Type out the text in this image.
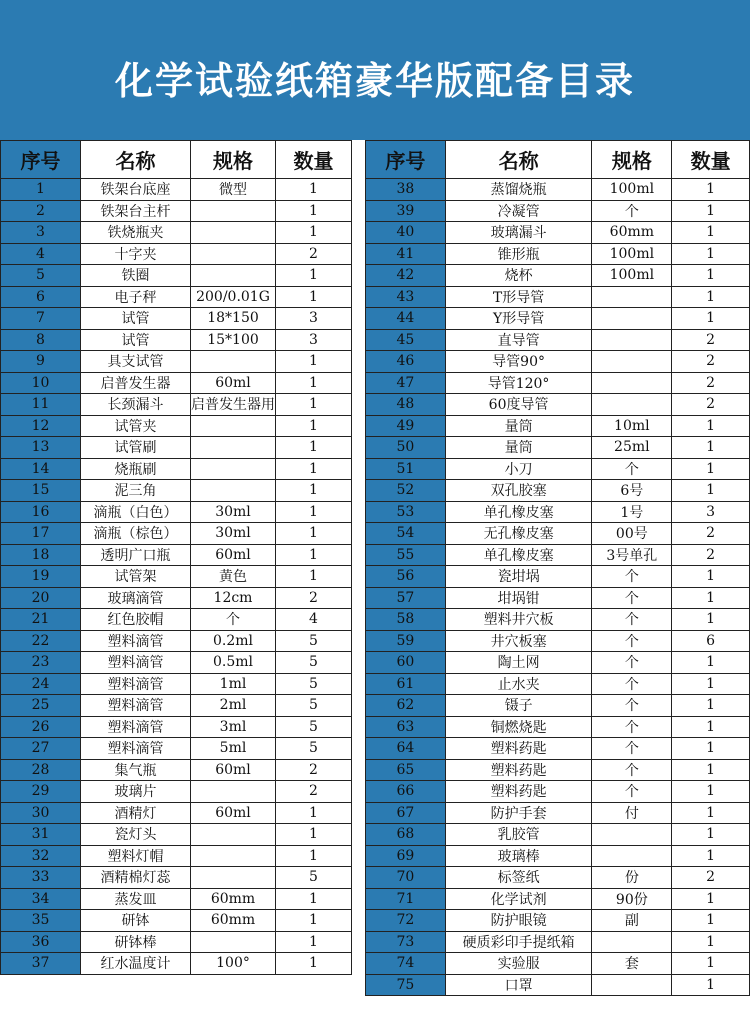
化学试验纸箱豪华版配备目录
序号	名称	规格	数量
1	铁架台底座	微型	1
2	铁架台主杆		1
3	铁烧瓶夹		1
4	十字夹		2
5	铁圈		1
6	电子秤	200/0.01G	1
7	试管	18*150	3
8	试管	15*100	3
9	具支试管		1
10	启普发生器	60ml	1
11	长颈漏斗	启普发生器用	1
12	试管夹		1
13	试管刷		1
14	烧瓶刷		1
15	泥三角		1
16	滴瓶（白色）	30ml	1
17	滴瓶（棕色）	30ml	1
18	透明广口瓶	60ml	1
19	试管架	黄色	1
20	玻璃滴管	12cm	2
21	红色胶帽	个	4
22	塑料滴管	0.2ml	5
23	塑料滴管	0.5ml	5
24	塑料滴管	1ml	5
25	塑料滴管	2ml	5
26	塑料滴管	3ml	5
27	塑料滴管	5ml	5
28	集气瓶	60ml	2
29	玻璃片		2
30	酒精灯	60ml	1
31	瓷灯头		1
32	塑料灯帽		1
33	酒精棉灯蕊		5
34	蒸发皿	60mm	1
35	研钵	60mm	1
36	研钵棒		1
37	红水温度计	100°	1
序号	名称	规格	数量
38	蒸馏烧瓶	100ml	1
39	冷凝管	个	1
40	玻璃漏斗	60mm	1
41	锥形瓶	100ml	1
42	烧杯	100ml	1
43	T形导管		1
44	Y形导管		1
45	直导管		2
46	导管90°		2
47	导管120°		2
48	60度导管		2
49	量筒	10ml	1
50	量筒	25ml	1
51	小刀	个	1
52	双孔胶塞	6号	1
53	单孔橡皮塞	1号	3
54	无孔橡皮塞	00号	2
55	单孔橡皮塞	3号单孔	2
56	瓷坩埚	个	1
57	坩埚钳	个	1
58	塑料井穴板	个	1
59	井穴板塞	个	6
60	陶土网	个	1
61	止水夹	个	1
62	镊子	个	1
63	铜燃烧匙	个	1
64	塑料药匙	个	1
65	塑料药匙	个	1
66	塑料药匙	个	1
67	防护手套	付	1
68	乳胶管		1
69	玻璃棒		1
70	标签纸	份	2
71	化学试剂	90份	1
72	防护眼镜	副	1
73	硬质彩印手提纸箱		1
74	实验服	套	1
75	口罩		1
